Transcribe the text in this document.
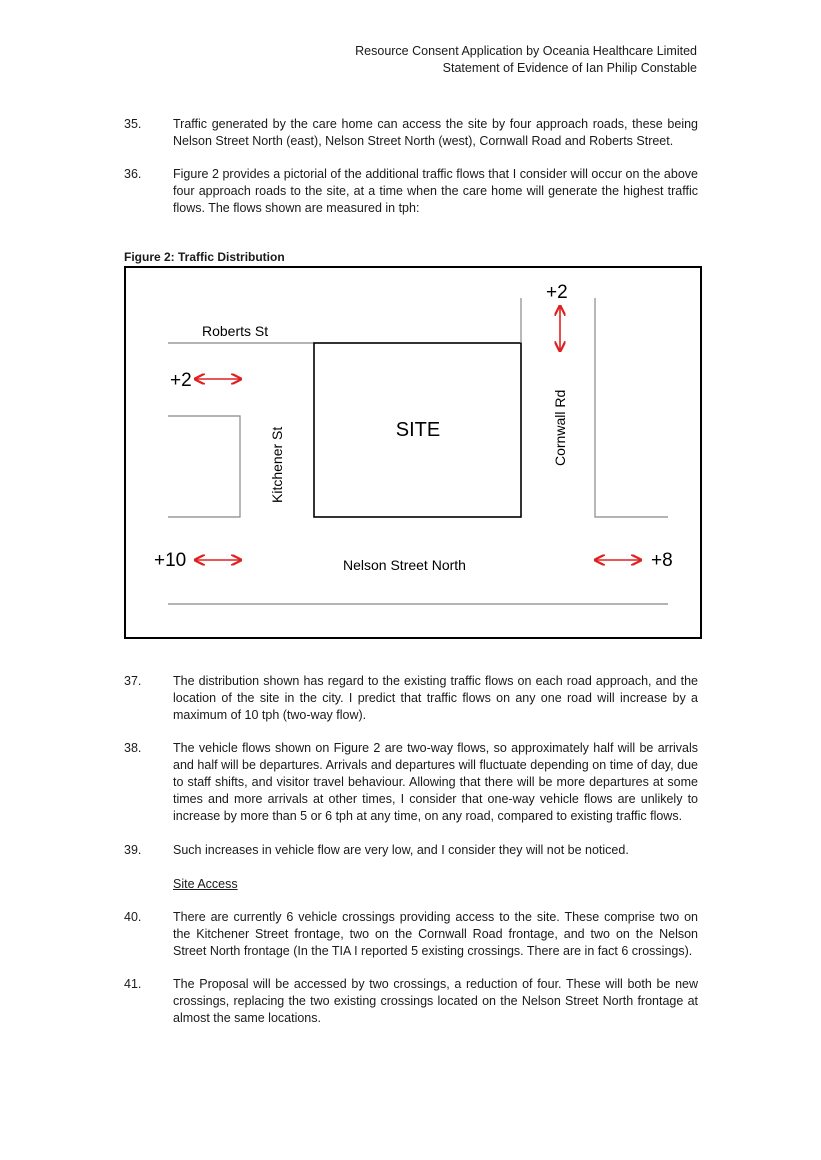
Resource Consent Application by Oceania Healthcare Limited
Statement of Evidence of Ian Philip Constable
35.	Traffic generated by the care home can access the site by four approach roads, these being Nelson Street North (east), Nelson Street North (west), Cornwall Road and Roberts Street.
36.	Figure 2 provides a pictorial of the additional traffic flows that I consider will occur on the above four approach roads to the site, at a time when the care home will generate the highest traffic flows. The flows shown are measured in tph:
Figure 2: Traffic Distribution
Roberts St
+2
Kitchener St	SITE	Cornwall Rd
+2
+10	Nelson Street North	+8
37.	The distribution shown has regard to the existing traffic flows on each road approach, and the location of the site in the city. I predict that traffic flows on any one road will increase by a maximum of 10 tph (two-way flow).
38.	The vehicle flows shown on Figure 2 are two-way flows, so approximately half will be arrivals and half will be departures. Arrivals and departures will fluctuate depending on time of day, due to staff shifts, and visitor travel behaviour. Allowing that there will be more departures at some times and more arrivals at other times, I consider that one-way vehicle flows are unlikely to increase by more than 5 or 6 tph at any time, on any road, compared to existing traffic flows.
39.	Such increases in vehicle flow are very low, and I consider they will not be noticed.
Site Access
40.	There are currently 6 vehicle crossings providing access to the site. These comprise two on the Kitchener Street frontage, two on the Cornwall Road frontage, and two on the Nelson Street North frontage (In the TIA I reported 5 existing crossings. There are in fact 6 crossings).
41.	The Proposal will be accessed by two crossings, a reduction of four. These will both be new crossings, replacing the two existing crossings located on the Nelson Street North frontage at almost the same locations.
